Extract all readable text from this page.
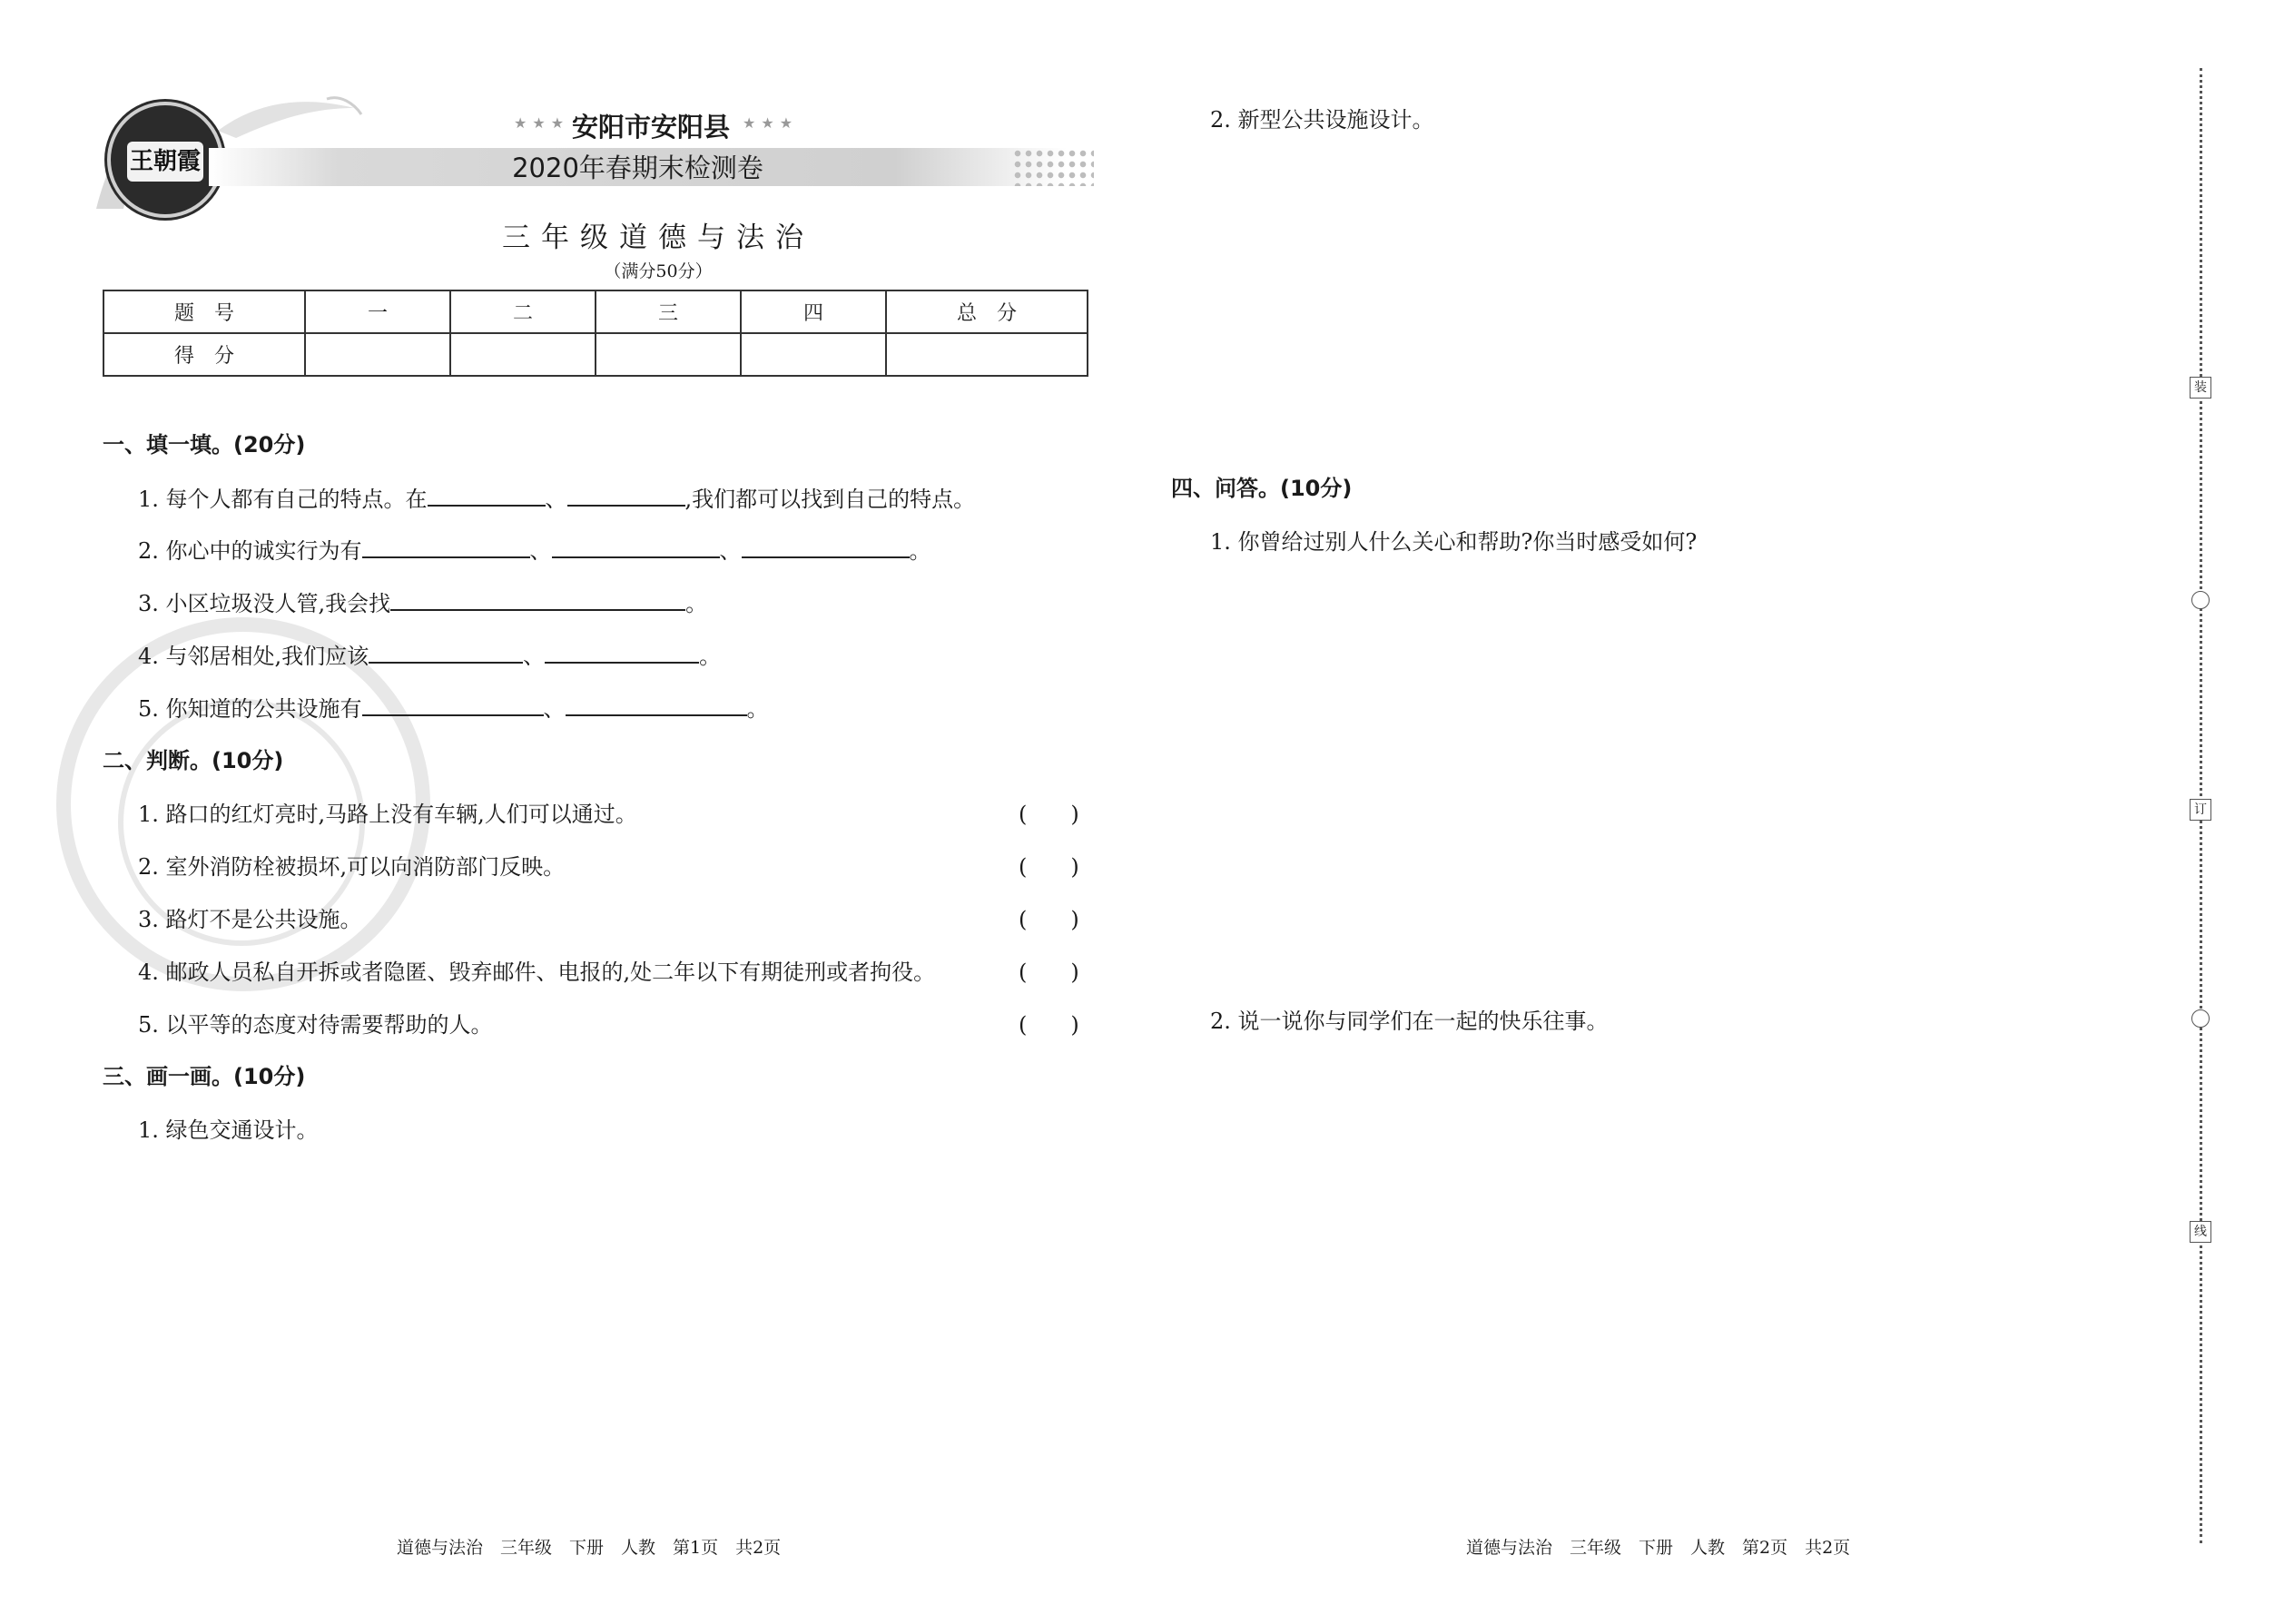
王朝霞
★★★ 安阳市安阳县 ★★★
2020年春期末检测卷
三年级道德与法治
（满分50分）
题　号	一	二	三	四	总　分
得　分					
一、填一填。(20分)
1. 每个人都有自己的特点。在	、	,我们都可以找到自己的特点。
2. 你心中的诚实行为有	、	、	。
3. 小区垃圾没人管,我会找	。
4. 与邻居相处,我们应该	、	。
5. 你知道的公共设施有	、	。
二、判断。(10分)
1. 路口的红灯亮时,马路上没有车辆,人们可以通过。	(　　)
2. 室外消防栓被损坏,可以向消防部门反映。	(　　)
3. 路灯不是公共设施。	(　　)
4. 邮政人员私自开拆或者隐匿、毁弃邮件、电报的,处二年以下有期徒刑或者拘役。	(　　)
5. 以平等的态度对待需要帮助的人。	(　　)
三、画一画。(10分)
1. 绿色交通设计。
2. 新型公共设施设计。
四、问答。(10分)
1. 你曾给过别人什么关心和帮助?你当时感受如何?
2. 说一说你与同学们在一起的快乐往事。
道德与法治　三年级　下册　人教　第1页　共2页	道德与法治　三年级　下册　人教　第2页　共2页
装
订
线
